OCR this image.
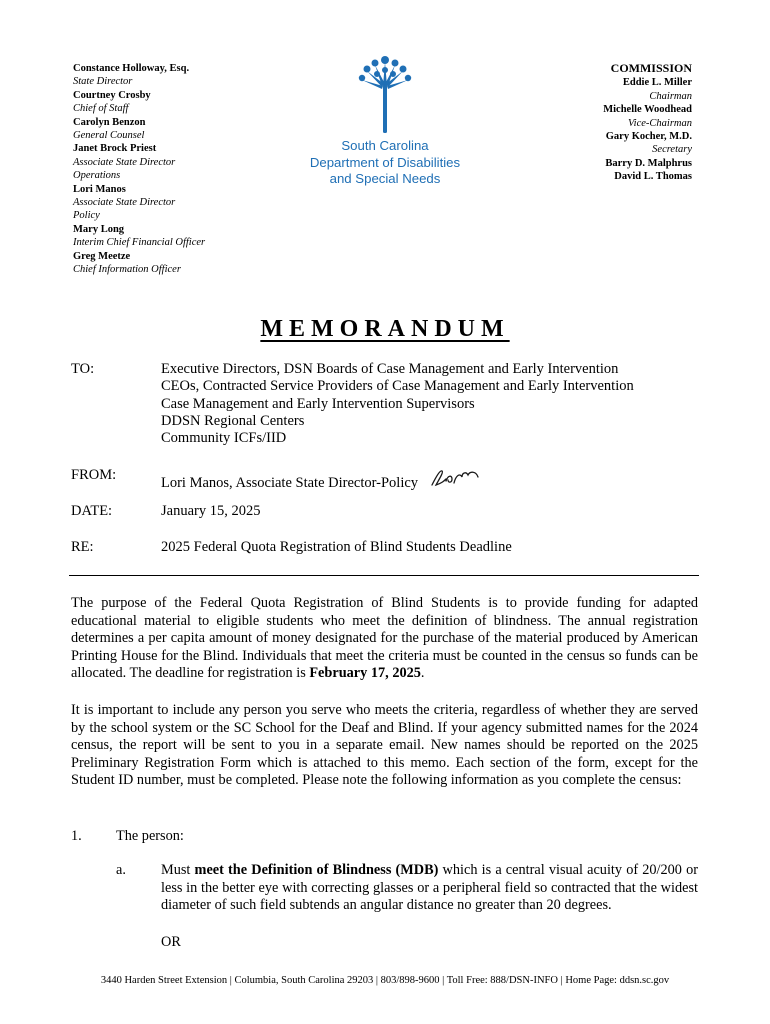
Constance Holloway, Esq.
State Director
Courtney Crosby
Chief of Staff
Carolyn Benzon
General Counsel
Janet Brock Priest
Associate State Director
Operations
Lori Manos
Associate State Director
Policy
Mary Long
Interim Chief Financial Officer
Greg Meetze
Chief Information Officer
South Carolina
Department of Disabilities
and Special Needs
COMMISSION
Eddie L. Miller
Chairman
Michelle Woodhead
Vice-Chairman
Gary Kocher, M.D.
Secretary
Barry D. Malphrus
David L. Thomas
MEMORANDUM
TO:	Executive Directors, DSN Boards of Case Management and Early Intervention
CEOs, Contracted Service Providers of Case Management and Early Intervention
Case Management and Early Intervention Supervisors
DDSN Regional Centers
Community ICFs/IID
FROM:	Lori Manos, Associate State Director-Policy
DATE:	January 15, 2025
RE:	2025 Federal Quota Registration of Blind Students Deadline
The purpose of the Federal Quota Registration of Blind Students is to provide funding for adapted educational material to eligible students who meet the definition of blindness. The annual registration determines a per capita amount of money designated for the purchase of the material produced by American Printing House for the Blind. Individuals that meet the criteria must be counted in the census so funds can be allocated. The deadline for registration is February 17, 2025.
It is important to include any person you serve who meets the criteria, regardless of whether they are served by the school system or the SC School for the Deaf and Blind. If your agency submitted names for the 2024 census, the report will be sent to you in a separate email. New names should be reported on the 2025 Preliminary Registration Form which is attached to this memo. Each section of the form, except for the Student ID number, must be completed. Please note the following information as you complete the census:
1. The person:
a. Must meet the Definition of Blindness (MDB) which is a central visual acuity of 20/200 or less in the better eye with correcting glasses or a peripheral field so contracted that the widest diameter of such field subtends an angular distance no greater than 20 degrees.
OR
3440 Harden Street Extension | Columbia, South Carolina 29203 | 803/898-9600 | Toll Free: 888/DSN-INFO | Home Page: ddsn.sc.gov
